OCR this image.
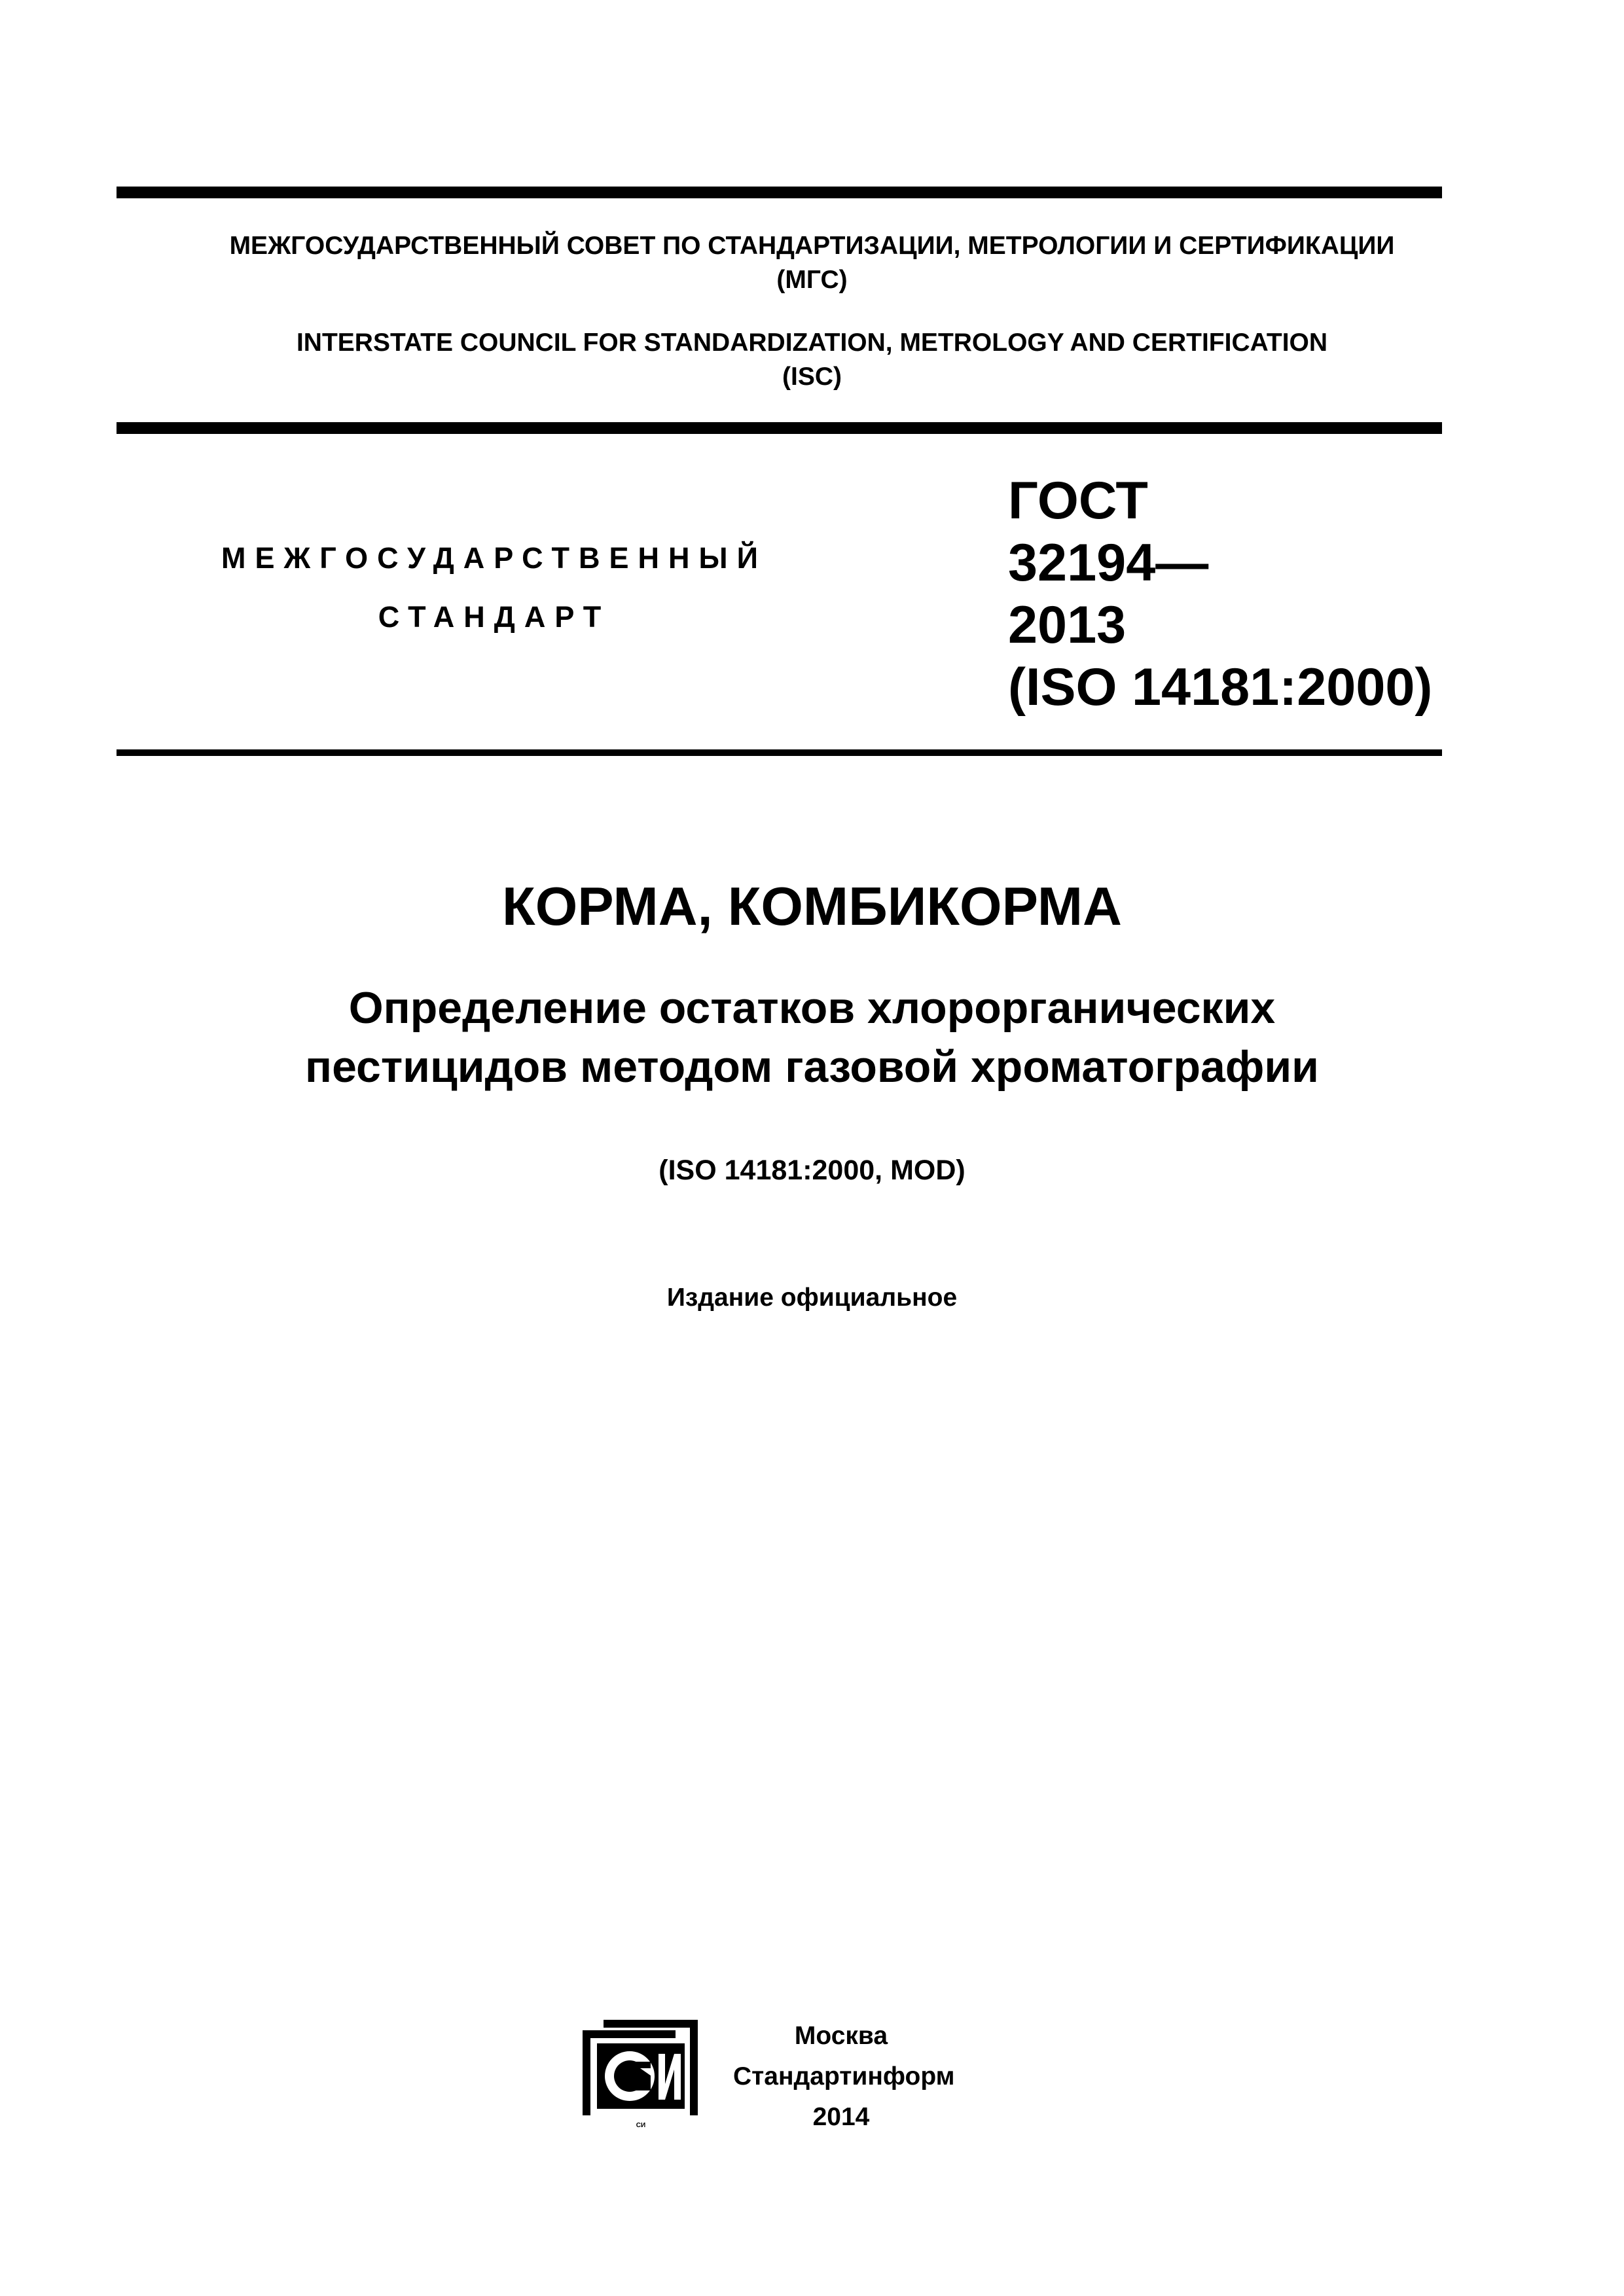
МЕЖГОСУДАРСТВЕННЫЙ СОВЕТ ПО СТАНДАРТИЗАЦИИ, МЕТРОЛОГИИ И СЕРТИФИКАЦИИ
(МГС)
INTERSTATE COUNCIL FOR STANDARDIZATION, METROLOGY AND CERTIFICATION
(ISC)
МЕЖГОСУДАРСТВЕННЫЙ
СТАНДАРТ
ГОСТ
32194—
2013
(ISO 14181:2000)
КОРМА, КОМБИКОРМА
Определение остатков хлорорганических
пестицидов методом газовой хроматографии
(ISO 14181:2000, MOD)
Издание официальное
СИ
Москва
Стандартинформ
2014
